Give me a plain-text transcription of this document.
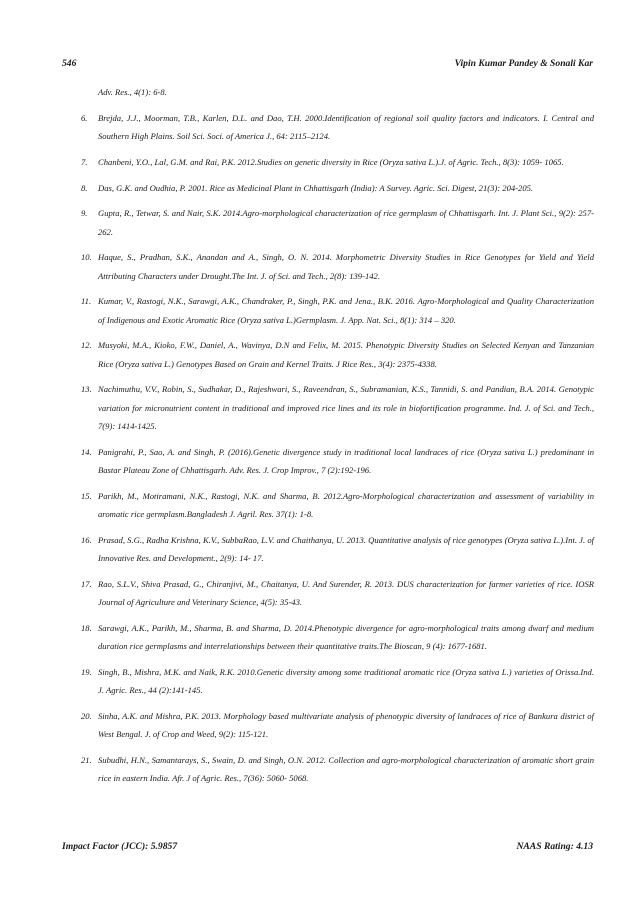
546	Vipin Kumar Pandey & Sonali Kar
Adv. Res., 4(1): 6-8.
6. Brejda, J.J., Moorman, T.B., Karlen, D.L. and Dao, T.H. 2000.Identification of regional soil quality factors and indicators. I. Central and Southern High Plains. Soil Sci. Soci. of America J., 64: 2115–2124.
7. Chanbeni, Y.O., Lal, G.M. and Rai, P.K. 2012.Studies on genetic diversity in Rice (Oryza sativa L.).J. of Agric. Tech., 8(3): 1059- 1065.
8. Das, G.K. and Oudhia, P. 2001. Rice as Medicinal Plant in Chhattisgarh (India): A Survey. Agric. Sci. Digest, 21(3): 204-205.
9. Gupta, R., Tetwar, S. and Nair, S.K. 2014.Agro-morphological characterization of rice germplasm of Chhattisgarh. Int. J. Plant Sci., 9(2): 257-262.
10. Haque, S., Pradhan, S.K., Anandan and A., Singh, O. N. 2014. Morphometric Diversity Studies in Rice Genotypes for Yield and Yield Attributing Characters under Drought.The Int. J. of Sci. and Tech., 2(8): 139-142.
11. Kumar, V., Rastogi, N.K., Sarawgi, A.K., Chandraker, P., Singh, P.K. and Jena., B.K. 2016. Agro-Morphological and Quality Characterization of Indigenous and Exotic Aromatic Rice (Oryza sativa L.)Germplasm. J. App. Nat. Sci., 8(1): 314 – 320.
12. Musyoki, M.A., Kioko, F.W., Daniel, A., Wavinya, D.N and Felix, M. 2015. Phenotypic Diversity Studies on Selected Kenyan and Tanzanian Rice (Oryza sativa L.) Genotypes Based on Grain and Kernel Traits. J Rice Res., 3(4): 2375-4338.
13. Nachimuthu, V.V., Robin, S., Sudhakar, D., Rajeshwari, S., Raveendran, S., Subramanian, K.S., Tannidi, S. and Pandian, B.A. 2014. Genotypic variation for micronutrient content in traditional and improved rice lines and its role in biofortification programme. Ind. J. of Sci. and Tech., 7(9): 1414-1425.
14. Panigrahi, P., Sao, A. and Singh, P. (2016).Genetic divergence study in traditional local landraces of rice (Oryza sativa L.) predominant in Bastar Plateau Zone of Chhattisgarh. Adv. Res. J. Crop Improv., 7 (2):192-196.
15. Parikh, M., Motiramani, N.K., Rastogi, N.K. and Sharma, B. 2012.Agro-Morphological characterization and assessment of variability in aromatic rice germplasm.Bangladesh J. Agril. Res. 37(1): 1-8.
16. Prasad, S.G., Radha Krishna, K.V., SubbaRao, L.V. and Chaithanya, U. 2013. Quantitative analysis of rice genotypes (Oryza sativa L.).Int. J. of Innovative Res. and Development., 2(9): 14- 17.
17. Rao, S.L.V., Shiva Prasad, G., Chiranjivi, M., Chaitanya, U. And Surender, R. 2013. DUS characterization for farmer varieties of rice. IOSR Journal of Agriculture and Veterinary Science, 4(5): 35-43.
18. Sarawgi, A.K., Parikh, M., Sharma, B. and Sharma, D. 2014.Phenotypic divergence for agro-morphological traits among dwarf and medium duration rice germplasms and interrelationships between their quantitative traits.The Bioscan, 9 (4): 1677-1681.
19. Singh, B., Mishra, M.K. and Naik, R.K. 2010.Genetic diversity among some traditional aromatic rice (Oryza sativa L.) varieties of Orissa.Ind. J. Agric. Res., 44 (2):141-145.
20. Sinha, A.K. and Mishra, P.K. 2013. Morphology based multivariate analysis of phenotypic diversity of landraces of rice of Bankura district of West Bengal. J. of Crop and Weed, 9(2): 115-121.
21. Subudhi, H.N., Samantarays, S., Swain, D. and Singh, O.N. 2012. Collection and agro-morphological characterization of aromatic short grain rice in eastern India. Afr. J of Agric. Res., 7(36): 5060- 5068.
Impact Factor (JCC): 5.9857	NAAS Rating: 4.13
